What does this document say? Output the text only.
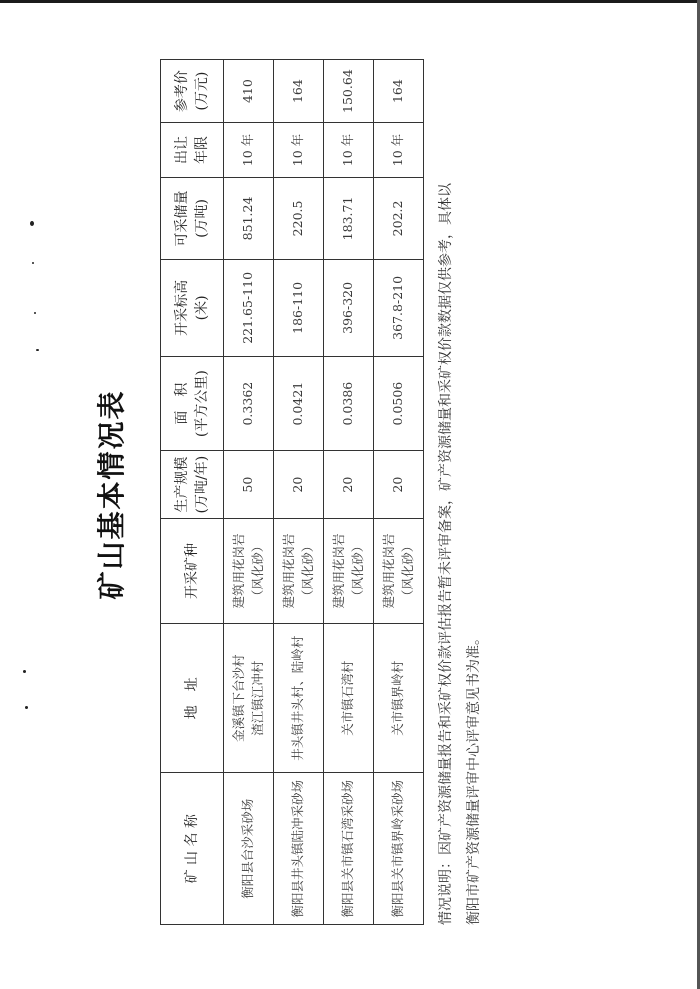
矿山基本情况表
矿 山 名 称	地　址	开采矿种	生产规模 (万吨/年)	面　积 (平方公里)	开采标高 (米)	可采储量 (万吨)	出让 年限	参考价 (万元)

衡阳县台沙采砂场	金溪镇下台沙村 渣江镇江冲村	建筑用花岗岩 （风化砂）	50	0.3362	221.65-110	851.24	10 年	410

衡阳县井头镇陆冲采砂场	井头镇井头村、陆岭村	建筑用花岗岩 （风化砂）	20	0.0421	186-110	220.5	10 年	164

衡阳县关市镇石湾采砂场	关市镇石湾村	建筑用花岗岩 （风化砂）	20	0.0386	396-320	183.71	10 年	150.64

衡阳县关市镇界岭采砂场	关市镇界岭村	建筑用花岗岩 （风化砂）	20	0.0506	367.8-210	202.2	10 年	164
情况说明：因矿产资源储量报告和采矿权价款评估报告暂未评审备案，矿产资源储量和采矿权价款数据仅供参考，具体以 衡阳市矿产资源储量评审中心评审意见书为准。
